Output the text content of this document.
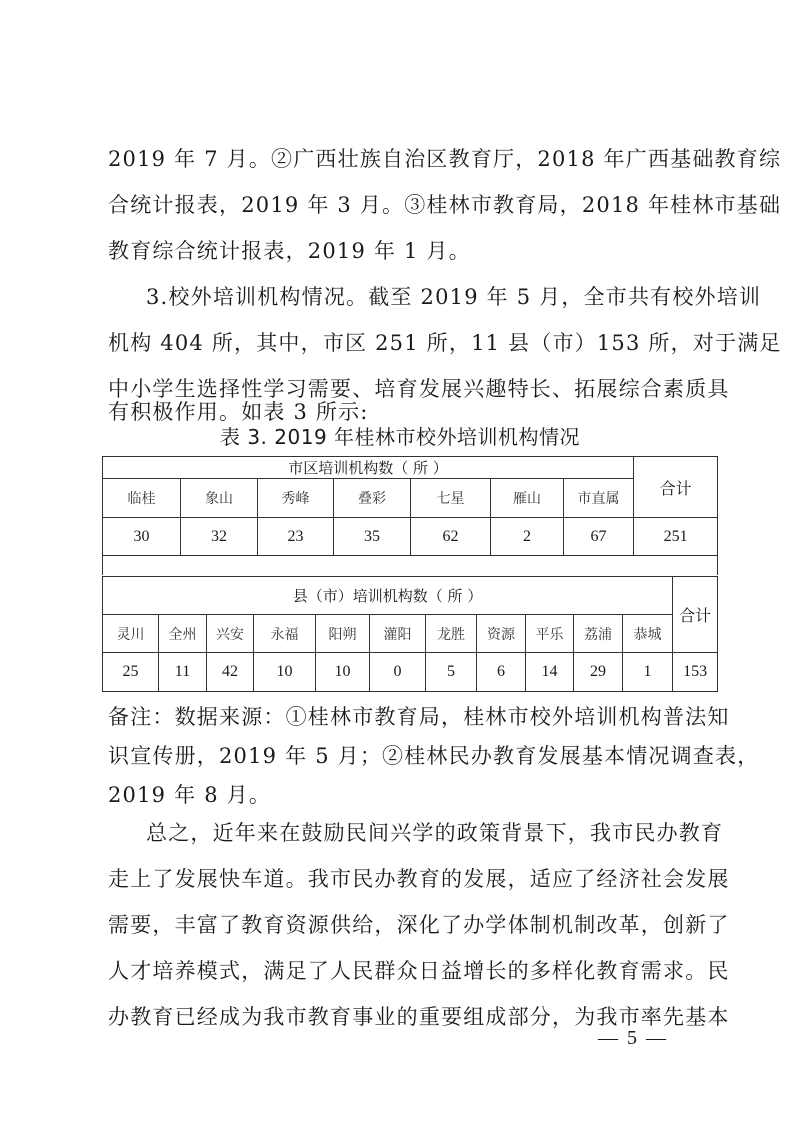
2019 年 7 月。②广西壮族自治区教育厅，2018 年广西基础教育综
合统计报表，2019 年 3 月。③桂林市教育局，2018 年桂林市基础
教育综合统计报表，2019 年 1 月。
3.校外培训机构情况。截至 2019 年 5 月，全市共有校外培训
机构 404 所，其中，市区 251 所，11 县（市）153 所，对于满足
中小学生选择性学习需要、培育发展兴趣特长、拓展综合素质具
有积极作用。如表 3 所示:
表 3. 2019 年桂林市校外培训机构情况
市区培训机构数（ 所 ）							合计
临桂	象山	秀峰	叠彩	七星	雁山	市直属	
30	32	23	35	62	2	67	251
县（市）培训机构数（ 所 ）											合计
灵川	全州	兴安	永福	阳朔	灌阳	龙胜	资源	平乐	荔浦	恭城	
25	11	42	10	10	0	5	6	14	29	1	153
备注：数据来源：①桂林市教育局，桂林市校外培训机构普法知
识宣传册，2019 年 5 月；②桂林民办教育发展基本情况调查表，
2019 年 8 月。
总之，近年来在鼓励民间兴学的政策背景下，我市民办教育
走上了发展快车道。我市民办教育的发展，适应了经济社会发展
需要，丰富了教育资源供给，深化了办学体制机制改革，创新了
人才培养模式，满足了人民群众日益增长的多样化教育需求。民
办教育已经成为我市教育事业的重要组成部分，为我市率先基本
— 5 —
